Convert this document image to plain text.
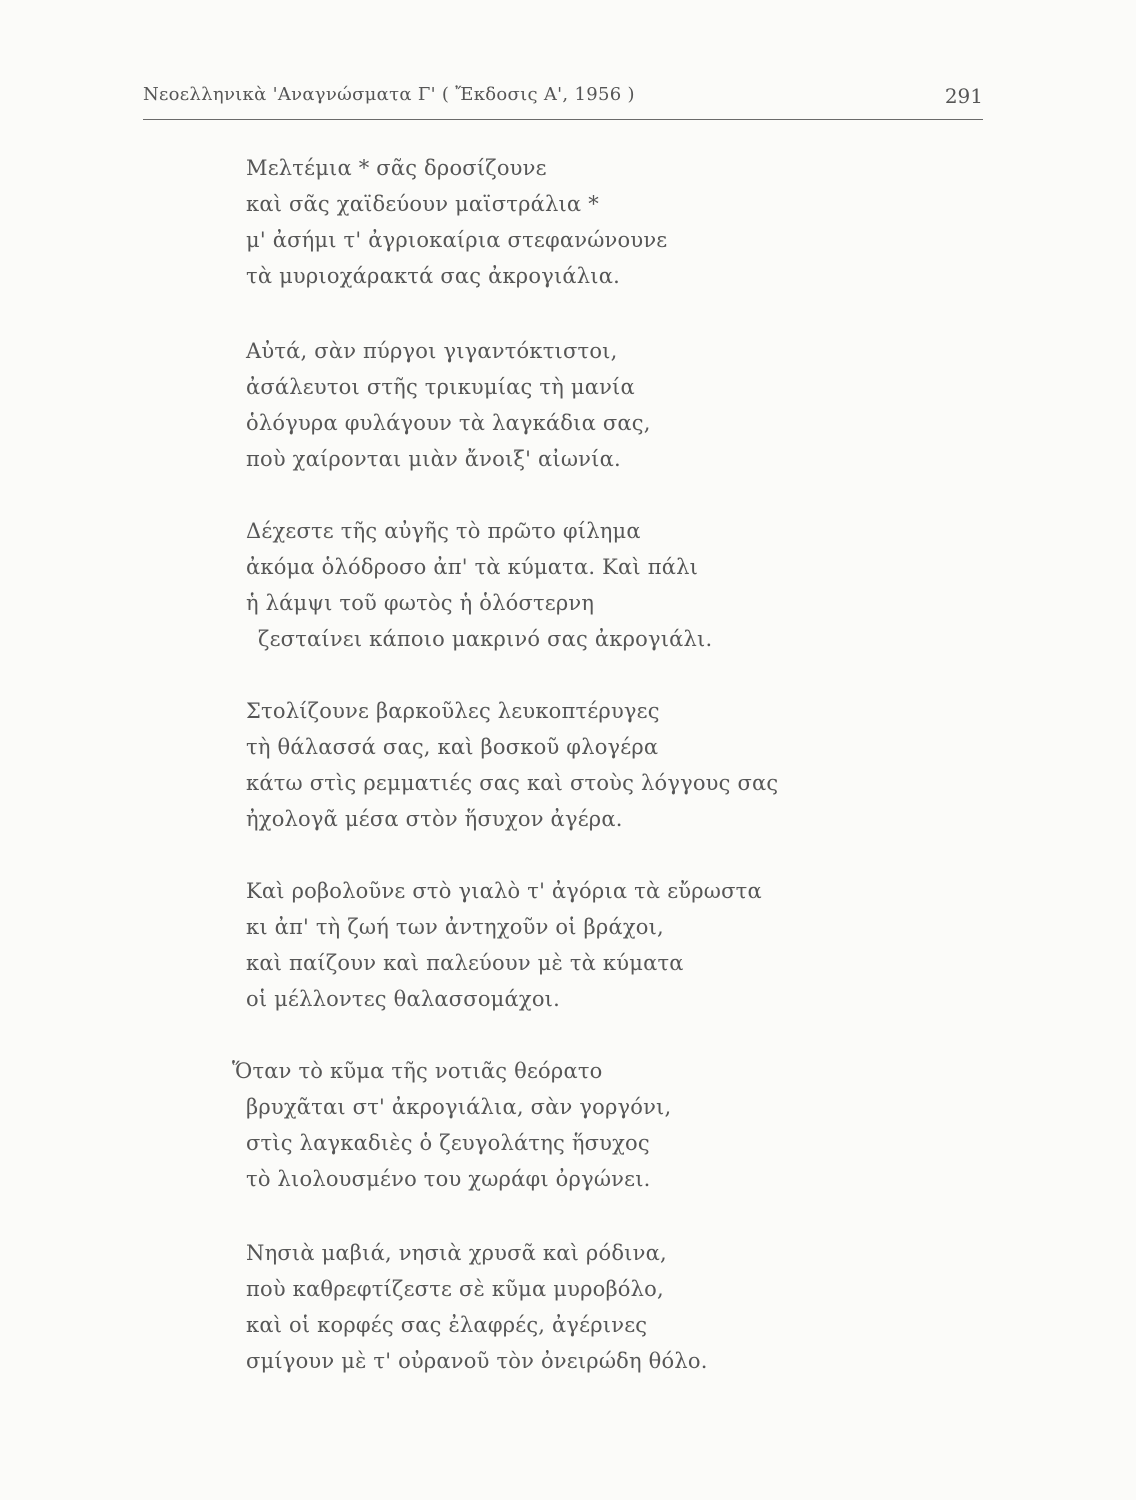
Νεοελληνικὰ 'Αναγνώσματα Γ' ( Ἔκδοσις Α', 1956 )	291
Μελτέμια * σᾶς δροσίζουνε
καὶ σᾶς χαϊδεύουν μαϊστράλια *
μ' ἀσήμι τ' ἀγριοκαίρια στεφανώνουνε
τὰ μυριοχάρακτά σας ἀκρογιάλια.
Αὐτά, σὰν πύργοι γιγαντόκτιστοι,
ἀσάλευτοι στῆς τρικυμίας τὴ μανία
ὁλόγυρα φυλάγουν τὰ λαγκάδια σας,
ποὺ χαίρονται μιὰν ἄνοιξ' αἰωνία.
Δέχεστε τῆς αὐγῆς τὸ πρῶτο φίλημα
ἀκόμα ὁλόδροσο ἀπ' τὰ κύματα. Καὶ πάλι
ἡ λάμψι τοῦ φωτὸς ἡ ὁλόστερνη
ζεσταίνει κάποιο μακρινό σας ἀκρογιάλι.
Στολίζουνε βαρκοῦλες λευκοπτέρυγες
τὴ θάλασσά σας, καὶ βοσκοῦ φλογέρα
κάτω στὶς ρεμματιές σας καὶ στοὺς λόγγους σας
ἠχολογᾶ μέσα στὸν ἥσυχον ἀγέρα.
Καὶ ροβολοῦνε στὸ γιαλὸ τ' ἀγόρια τὰ εὔρωστα
κι ἀπ' τὴ ζωή των ἀντηχοῦν οἱ βράχοι,
καὶ παίζουν καὶ παλεύουν μὲ τὰ κύματα
οἱ μέλλοντες θαλασσομάχοι.
Ὅταν τὸ κῦμα τῆς νοτιᾶς θεόρατο
βρυχᾶται στ' ἀκρογιάλια, σὰν γοργόνι,
στὶς λαγκαδιὲς ὁ ζευγολάτης ἥσυχος
τὸ λιολουσμένο του χωράφι ὀργώνει.
Νησιὰ μαβιά, νησιὰ χρυσᾶ καὶ ρόδινα,
ποὺ καθρεφτίζεστε σὲ κῦμα μυροβόλο,
καὶ οἱ κορφές σας ἐλαφρές, ἀγέρινες
σμίγουν μὲ τ' οὐρανοῦ τὸν ὀνειρώδη θόλο.
